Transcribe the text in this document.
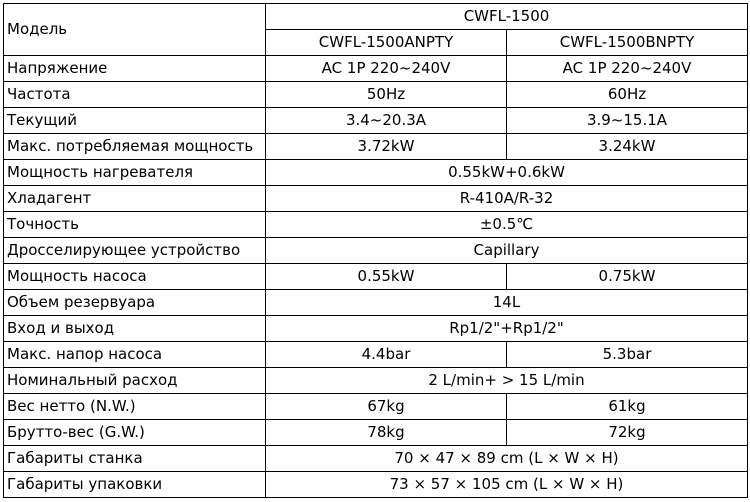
Модель	CWFL-1500	
	CWFL-1500ANPTY	CWFL-1500BNPTY
Напряжение	AC 1P 220~240V	AC 1P 220~240V
Частота	50Hz	60Hz
Текущий	3.4~20.3A	3.9~15.1A
Макс. потребляемая мощность	3.72kW	3.24kW
Мощность нагревателя	0.55kW+0.6kW	
Хладагент	R-410A/R-32	
Точность	±0.5℃	
Дросселирующее устройство	Capillary	
Мощность насоса	0.55kW	0.75kW
Объем резервуара	14L	
Вход и выход	Rp1/2"+Rp1/2"	
Макс. напор насоса	4.4bar	5.3bar
Номинальный расход	2 L/min+ > 15 L/min	
Вес нетто (N.W.)	67kg	61kg
Брутто-вес (G.W.)	78kg	72kg
Габариты станка	70 × 47 × 89 cm (L × W × H)	
Габариты упаковки	73 × 57 × 105 cm (L × W × H)	
